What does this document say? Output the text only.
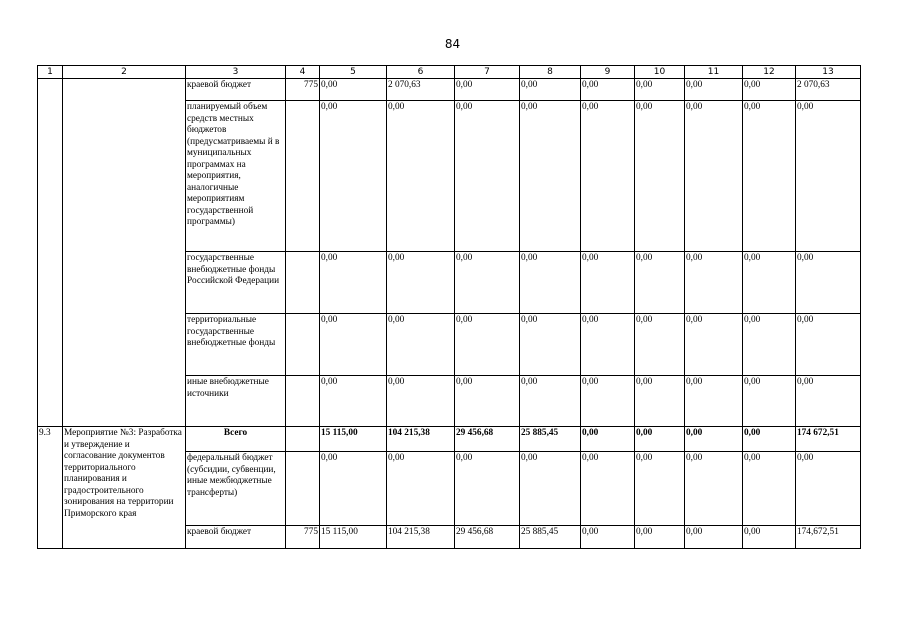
84
1	2	3	4	5	6	7	8	9	10	11	12	13
		краевой бюджет	775	0,00	2 070,63	0,00	0,00	0,00	0,00	0,00	0,00	2 070,63
		планируемый объем средств местных бюджетов (предусматриваемы й в муниципальных программах на мероприятия, аналогичные мероприятиям государственной программы)		0,00	0,00	0,00	0,00	0,00	0,00	0,00	0,00	0,00
		государственные внебюджетные фонды Российской Федерации		0,00	0,00	0,00	0,00	0,00	0,00	0,00	0,00	0,00
		территориальные государственные внебюджетные фонды		0,00	0,00	0,00	0,00	0,00	0,00	0,00	0,00	0,00
		иные внебюджетные источники		0,00	0,00	0,00	0,00	0,00	0,00	0,00	0,00	0,00
9.3	Мероприятие №3: Разработка и утверждение и согласование документов территориального планирования и градостроительного зонирования на территории Приморского края	Всего		15 115,00	104 215,38	29 456,68	25 885,45	0,00	0,00	0,00	0,00	174 672,51
		федеральный бюджет (субсидии, субвенции, иные межбюджетные трансферты)		0,00	0,00	0,00	0,00	0,00	0,00	0,00	0,00	0,00
		краевой бюджет	775	15 115,00	104 215,38	29 456,68	25 885,45	0,00	0,00	0,00	0,00	174,672,51
